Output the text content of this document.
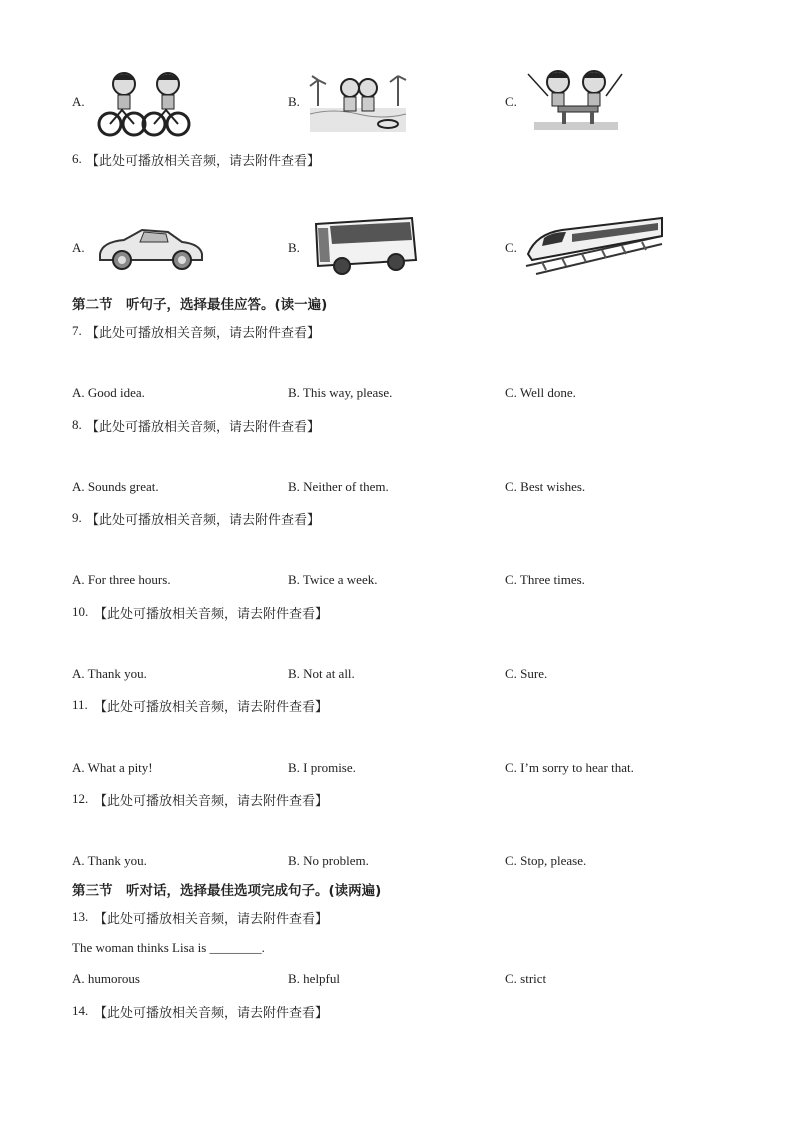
A.	B.	C.
6. 【此处可播放相关音频，请去附件查看】
A.	B.	C.
第二节　听句子，选择最佳应答。(读一遍)
7. 【此处可播放相关音频，请去附件查看】
A. Good idea.	B. This way, please.	C. Well done.
8. 【此处可播放相关音频，请去附件查看】
A. Sounds great.	B. Neither of them.	C. Best wishes.
9. 【此处可播放相关音频，请去附件查看】
A. For three hours.	B. Twice a week.	C. Three times.
10. 【此处可播放相关音频，请去附件查看】
A. Thank you.	B. Not at all.	C. Sure.
11. 【此处可播放相关音频，请去附件查看】
A. What a pity!	B. I promise.	C. I’m sorry to hear that.
12. 【此处可播放相关音频，请去附件查看】
A. Thank you.	B. No problem.	C. Stop, please.
第三节　听对话，选择最佳选项完成句子。(读两遍)
13. 【此处可播放相关音频，请去附件查看】
The woman thinks Lisa is ________.
A. humorous	B. helpful	C. strict
14. 【此处可播放相关音频，请去附件查看】
